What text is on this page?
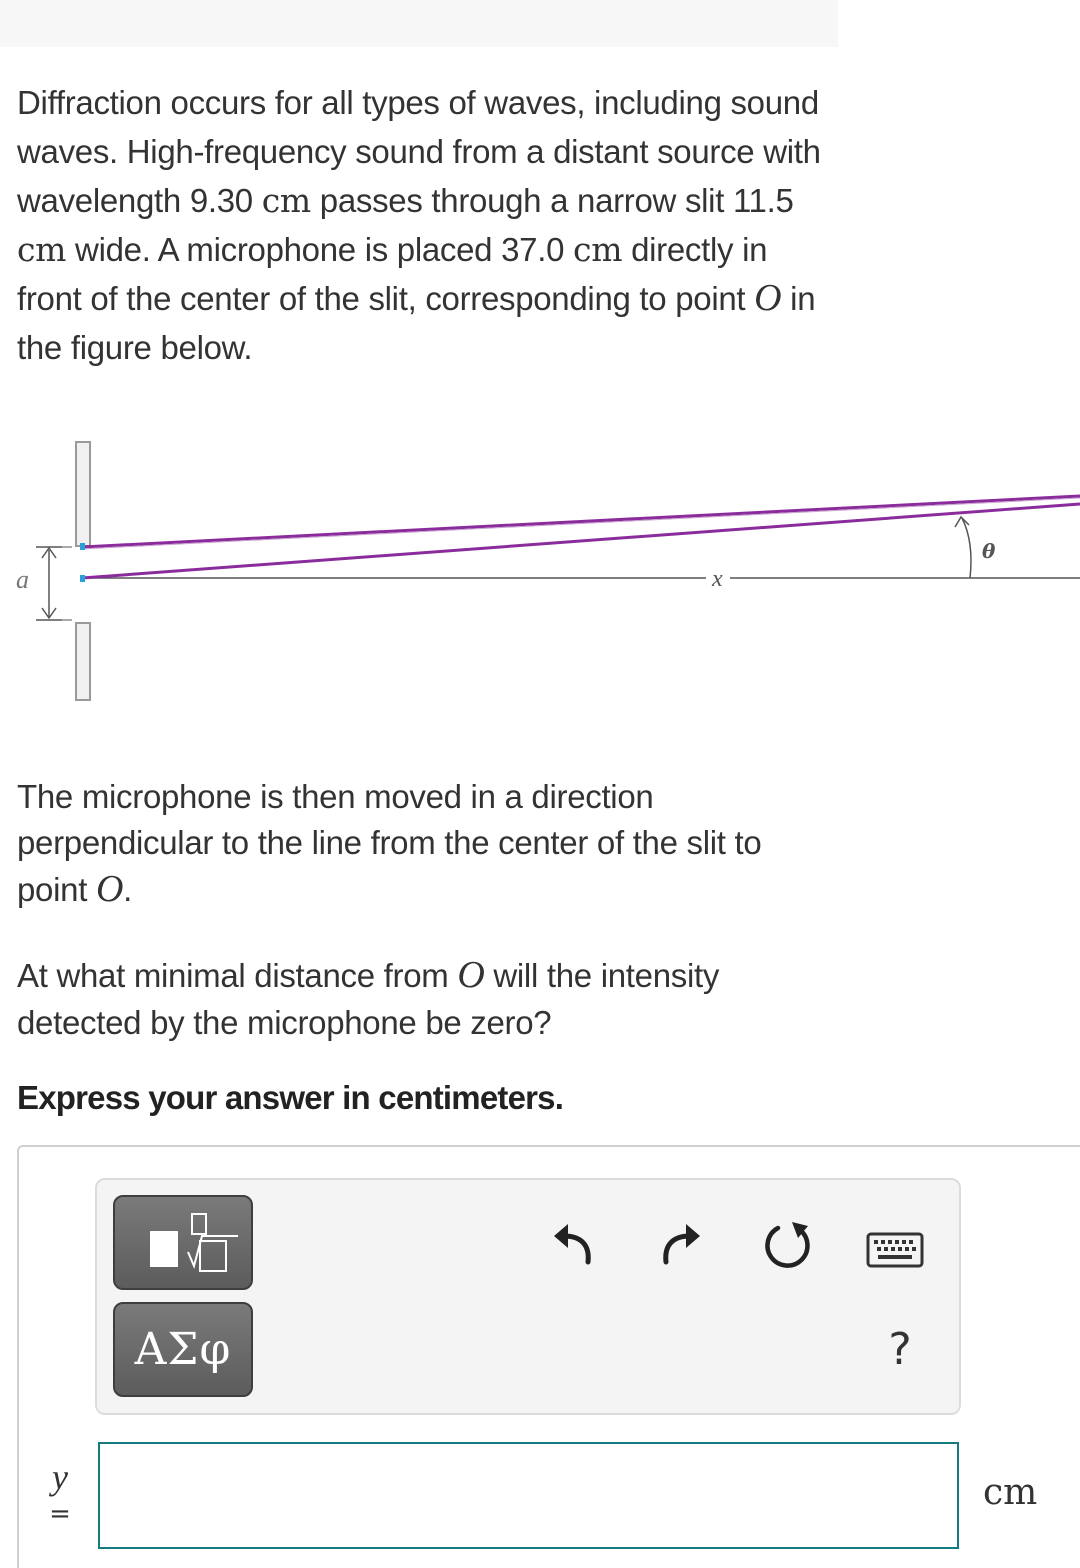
Diffraction occurs for all types of waves, including sound waves. High-frequency sound from a distant source with wavelength 9.30 cm passes through a narrow slit 11.5 cm wide. A microphone is placed 37.0 cm directly in front of the center of the slit, corresponding to point O in the figure below.
x
a
θ
The microphone is then moved in a direction perpendicular to the line from the center of the slit to point O.
At what minimal distance from O will the intensity detected by the microphone be zero?
Express your answer in centimeters.
ΑΣφ	?
y
=
cm
